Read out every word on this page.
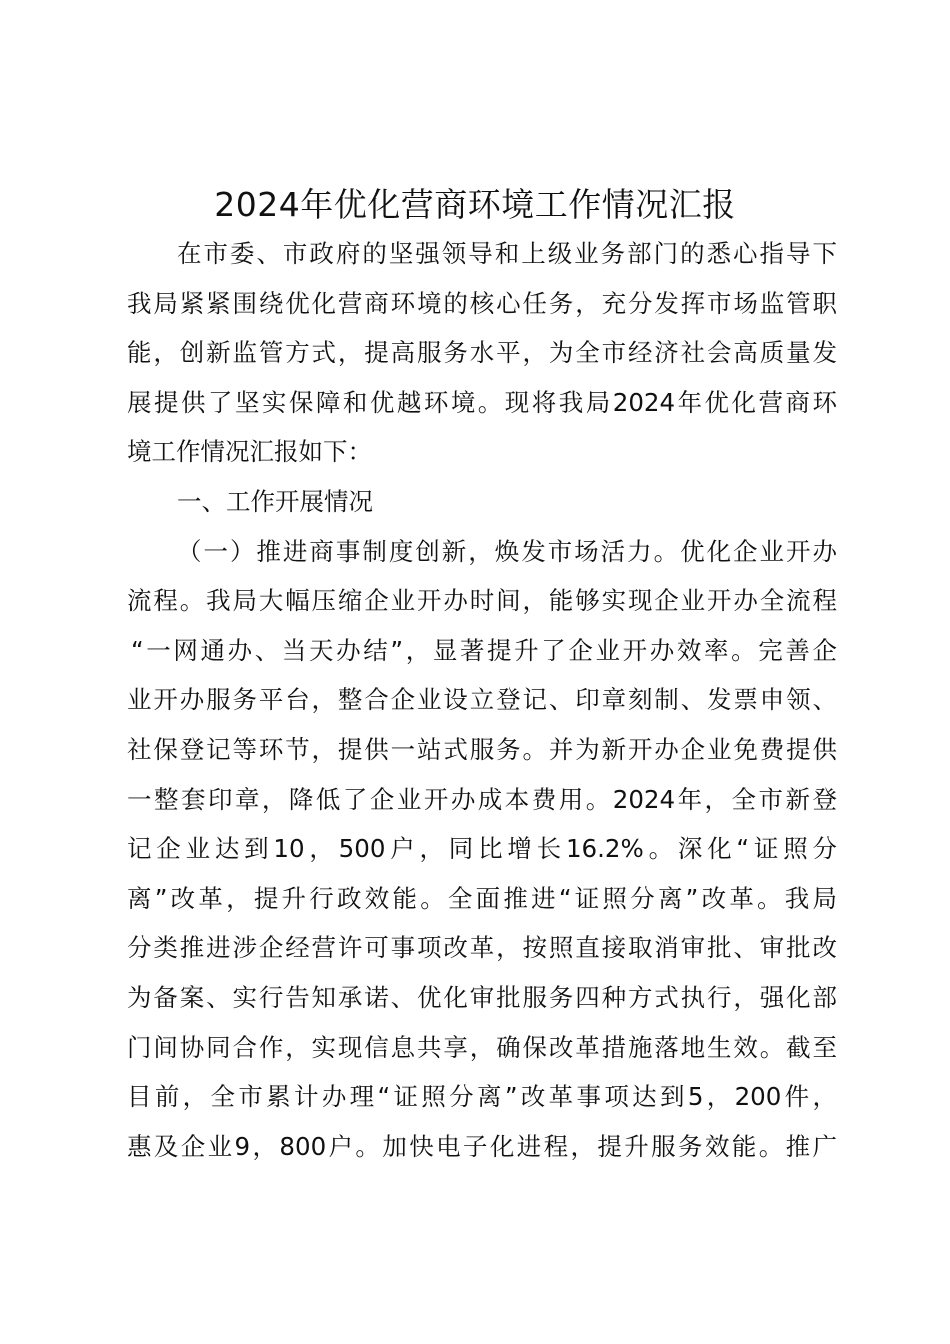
2024年优化营商环境工作情况汇报
在市委、市政府的坚强领导和上级业务部门的悉心指导下
我局紧紧围绕优化营商环境的核心任务，充分发挥市场监管职
能，创新监管方式，提高服务水平，为全市经济社会高质量发
展提供了坚实保障和优越环境。现将我局2024年优化营商环
境工作情况汇报如下：
一、工作开展情况
（一）推进商事制度创新，焕发市场活力。优化企业开办
流程。我局大幅压缩企业开办时间，能够实现企业开办全流程
“一网通办、当天办结”，显著提升了企业开办效率。完善企
业开办服务平台，整合企业设立登记、印章刻制、发票申领、
社保登记等环节，提供一站式服务。并为新开办企业免费提供
一整套印章，降低了企业开办成本费用。2024年，全市新登
记企业达到10，500户，同比增长16.2%。深化“证照分
离”改革，提升行政效能。全面推进“证照分离”改革。我局
分类推进涉企经营许可事项改革，按照直接取消审批、审批改
为备案、实行告知承诺、优化审批服务四种方式执行，强化部
门间协同合作，实现信息共享，确保改革措施落地生效。截至
目前，全市累计办理“证照分离”改革事项达到5，200件，
惠及企业9，800户。加快电子化进程，提升服务效能。推广
